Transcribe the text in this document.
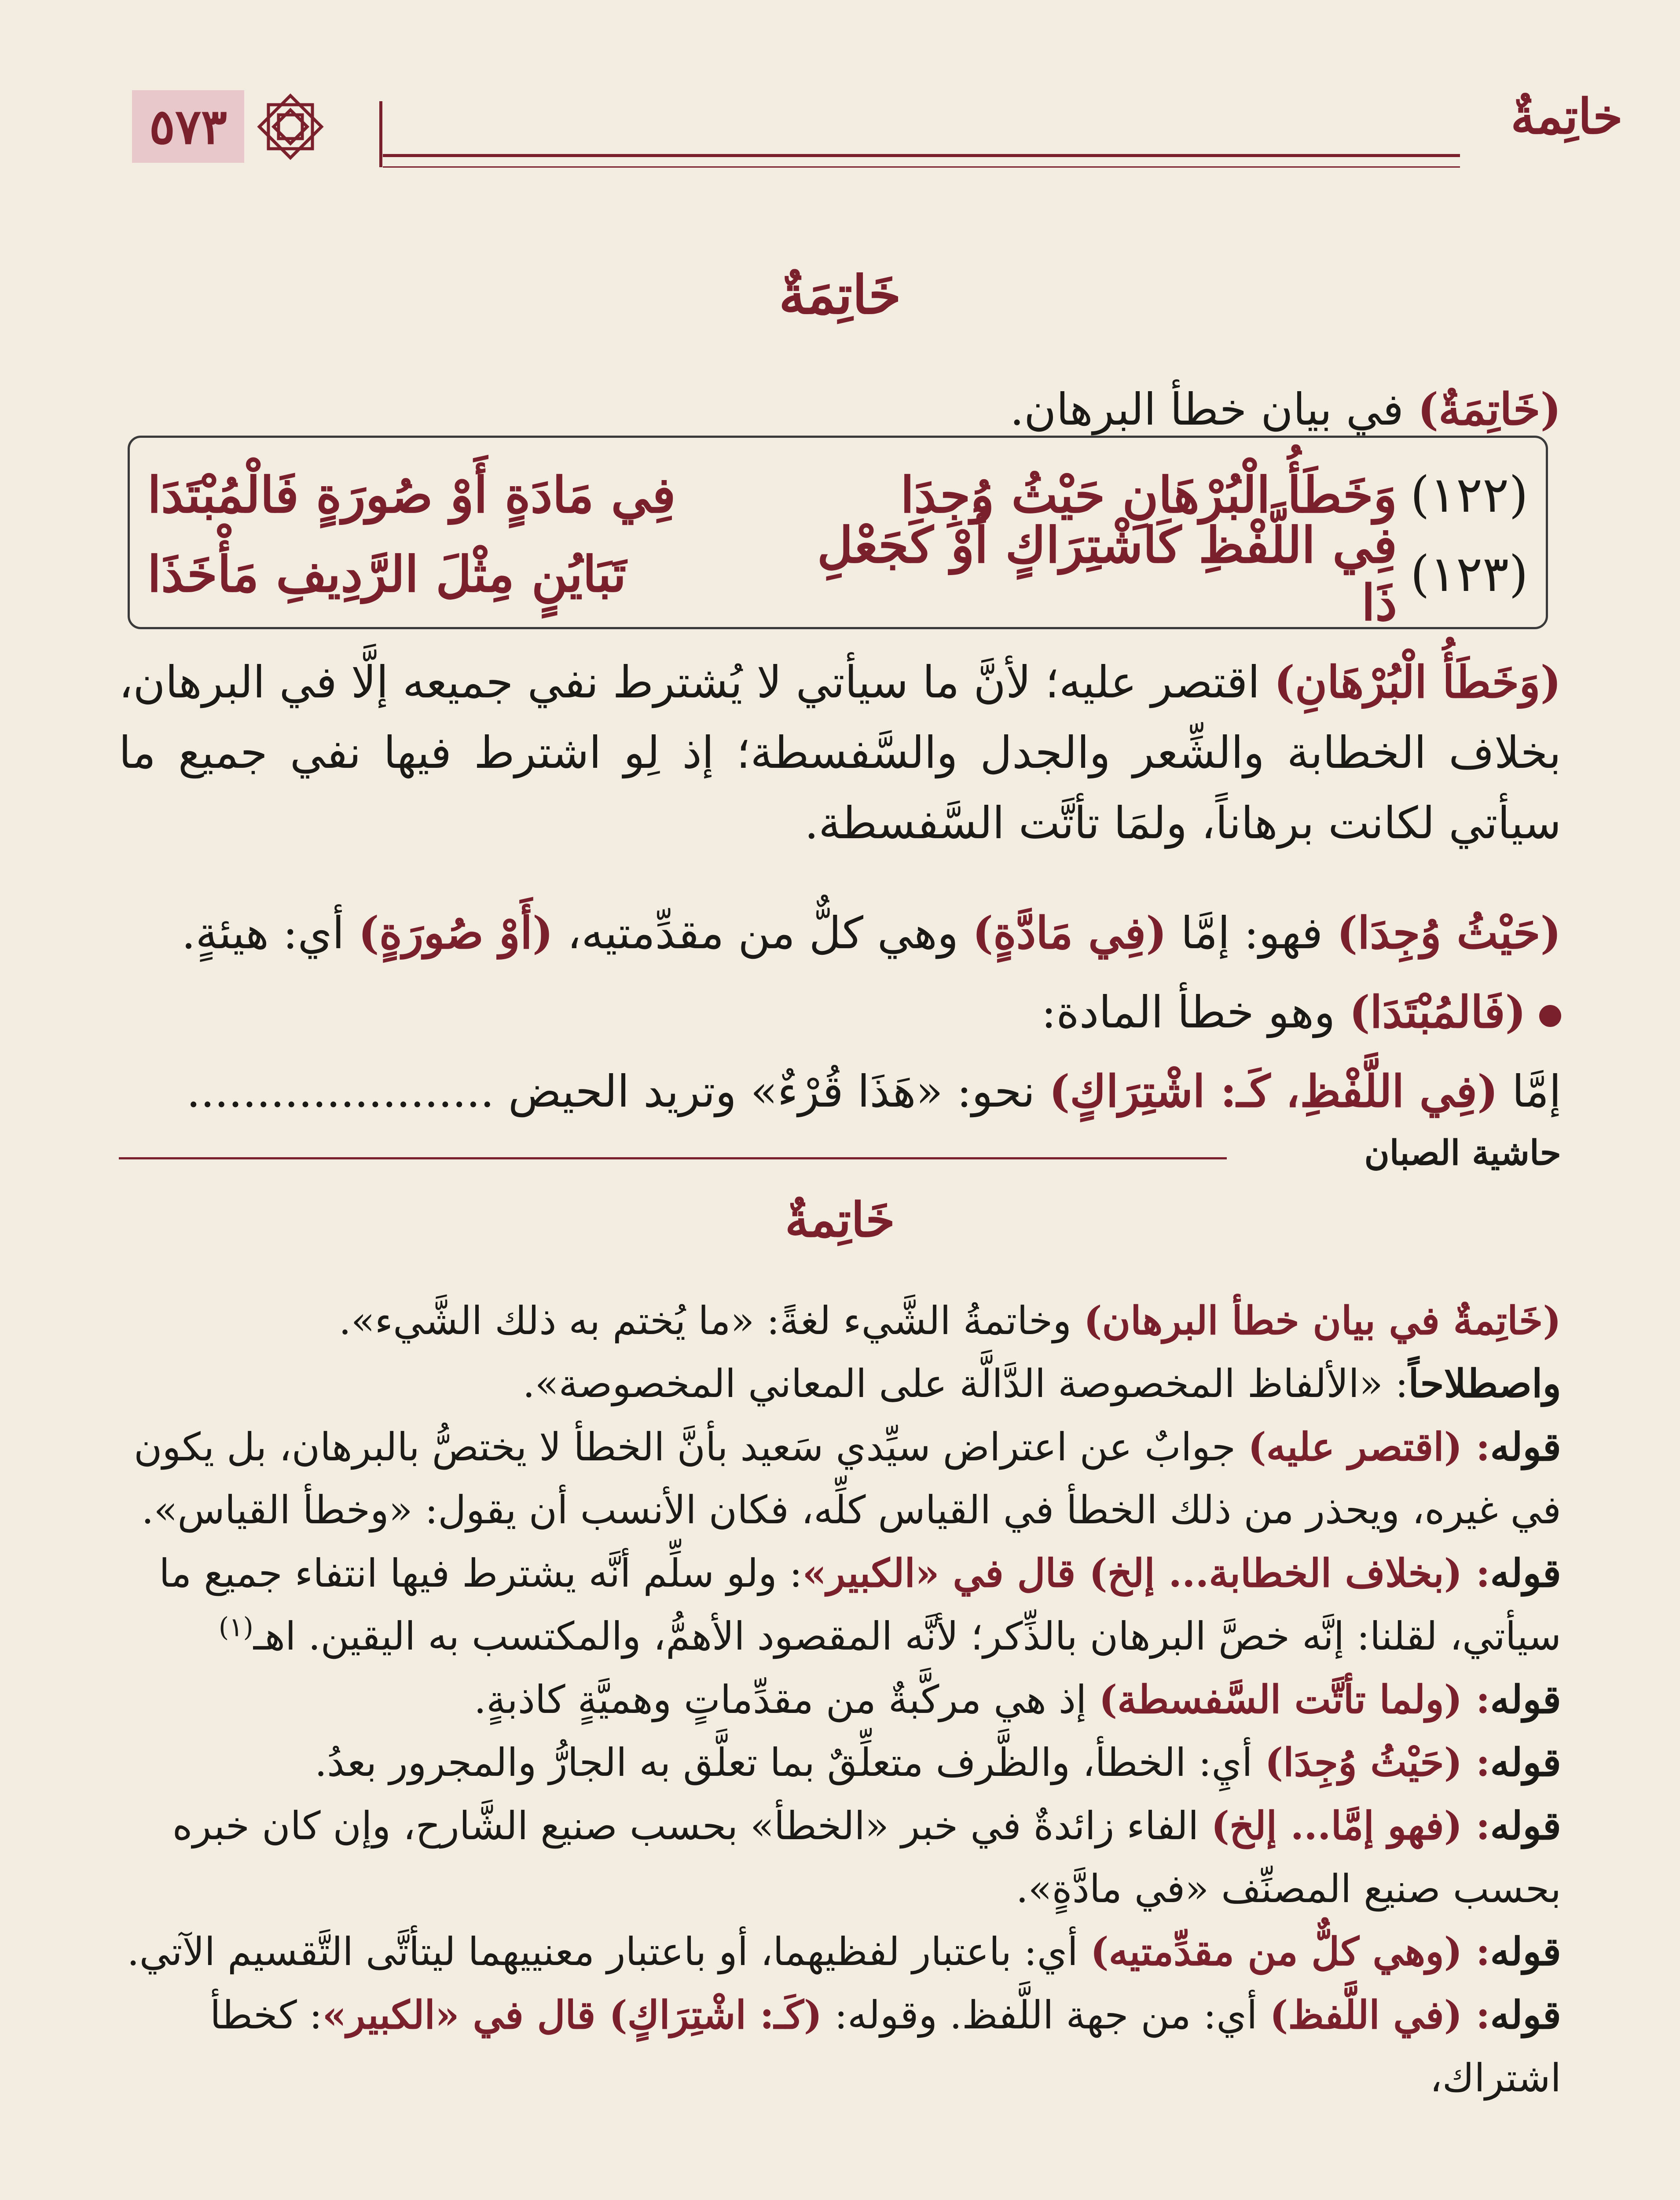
خاتِمةٌ
٥٧٣
خَاتِمَةٌ
(خَاتِمَةٌ) في بيان خطأ البرهان.
(١٢٢)
وَخَطَأُ الْبُرْهَانِ حَيْثُ وُجِدَا
فِي مَادَةٍ أَوْ صُورَةٍ فَالْمُبْتَدَا
(١٢٣)
فِي اللَّفْظِ كَاشْتِرَاكٍ أَوْ كَجَعْلِ ذَا
تَبَايُنٍ مِثْلَ الرَّدِيفِ مَأْخَذَا
(وَخَطَأُ الْبُرْهَانِ) اقتصر عليه؛ لأنَّ ما سيأتي لا يُشترط نفي جميعه إلَّا في البرهان، بخلاف الخطابة والشِّعر والجدل والسَّفسطة؛ إذ لِو اشترط فيها نفي جميع ما سيأتي لكانت برهاناً، ولمَا تأتَّت السَّفسطة.
(حَيْثُ وُجِدَا) فهو: إمَّا (فِي مَادَّةٍ) وهي كلٌّ من مقدِّمتيه، (أَوْ صُورَةٍ) أي: هيئةٍ.
(فَالمُبْتَدَا) وهو خطأ المادة:
إمَّا (فِي اللَّفْظِ، كَـ: اشْتِرَاكٍ) نحو: «هَذَا قُرْءٌ» وتريد الحيض ......................
حاشية الصبان
خَاتِمةٌ

(خَاتِمةٌ في بيان خطأ البرهان) وخاتمةُ الشَّيء لغةً: «ما يُختم به ذلك الشَّيء».

واصطلاحاً: «الألفاظ المخصوصة الدَّالَّة على المعاني المخصوصة».

قوله: (اقتصر عليه) جوابٌ عن اعتراض سيِّدي سَعيد بأنَّ الخطأ لا يختصُّ بالبرهان، بل يكون في غيره، ويحذر من ذلك الخطأ في القياس كلِّه، فكان الأنسب أن يقول: «وخطأ القياس».

قوله: (بخلاف الخطابة... إلخ) قال في «الكبير»: ولو سلِّم أنَّه يشترط فيها انتفاء جميع ما سيأتي، لقلنا: إنَّه خصَّ البرهان بالذِّكر؛ لأنَّه المقصود الأهمُّ، والمكتسب به اليقين. اهـ$^{(١)}$

قوله: (ولما تأتَّت السَّفسطة) إذ هي مركَّبةٌ من مقدِّماتٍ وهميَّةٍ كاذبةٍ.

قوله: (حَيْثُ وُجِدَا) أيِ: الخطأ، والظَّرف متعلِّقٌ بما تعلَّق به الجارُّ والمجرور بعدُ.

قوله: (فهو إمَّا... إلخ) الفاء زائدةٌ في خبر «الخطأ» بحسب صنيع الشَّارح، وإن كان خبره بحسب صنيع المصنِّف «في مادَّةٍ».

قوله: (وهي كلٌّ من مقدِّمتيه) أي: باعتبار لفظيهما، أو باعتبار معنييهما ليتأتَّى التَّقسيم الآتي.

قوله: (في اللَّفظ) أي: من جهة اللَّفظ. وقوله: (كَـ: اشْتِرَاكٍ) قال في «الكبير»: كخطأ اشتراك،
